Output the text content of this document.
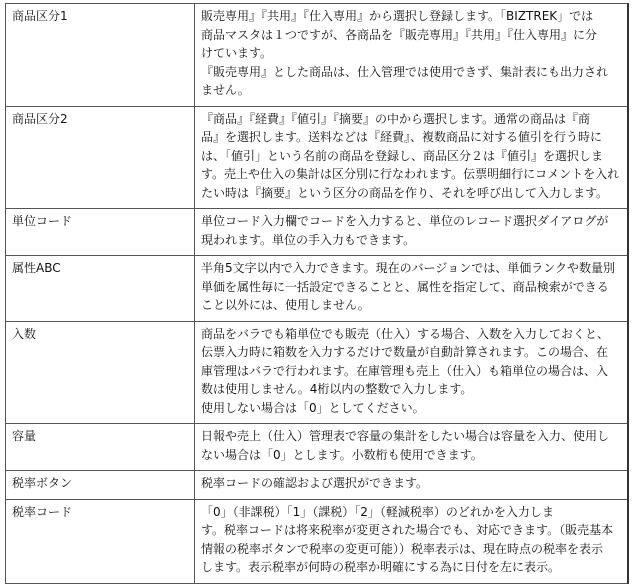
商品区分1	販売専用』『共用』『仕入専用』から選択し登録します。「BIZTREK」では
商品マスタは１つですが、各商品を『販売専用』『共用』『仕入専用』に分
けています。
『販売専用』とした商品は、仕入管理では使用できず、集計表にも出力され
ません。

商品区分2	『商品』『経費』『値引』『摘要』の中から選択します。通常の商品は『商
品』を選択します。送料などは『経費』、複数商品に対する値引を行う時に
は、「値引」という名前の商品を登録し、商品区分２は『値引』を選択しま
す。売上や仕入の集計は区分別に行なわれます。伝票明細行にコメントを入れ
たい時は『摘要』という区分の商品を作り、それを呼び出して入力します。

単位コード	単位コード入力欄でコードを入力すると、単位のレコード選択ダイアログが
現われます。単位の手入力もできます。

属性ABC	半角5文字以内で入力できます。現在のバージョンでは、単価ランクや数量別
単価を属性毎に一括設定できることと、属性を指定して、商品検索ができる
こと以外には、使用しません。

入数	商品をバラでも箱単位でも販売（仕入）する場合、入数を入力しておくと、
伝票入力時に箱数を入力するだけで数量が自動計算されます。この場合、在
庫管理はバラで行われます。在庫管理も売上（仕入）も箱単位の場合は、入
数は使用しません。4桁以内の整数で入力します。
使用しない場合は「0」としてください。

容量	日報や売上（仕入）管理表で容量の集計をしたい場合は容量を入力、使用し
ない場合は「0」とします。小数桁も使用できます。

税率ボタン	税率コードの確認および選択ができます。

税率コード	「0」（非課税）「1」（課税）「2」（軽減税率）のどれかを入力しま
す。税率コードは将来税率が変更された場合でも、対応できます。（販売基本
情報の税率ボタンで税率の変更可能））税率表示は、現在時点の税率を表示
します。表示税率が何時の税率か明確にする為に日付を左に表示。
